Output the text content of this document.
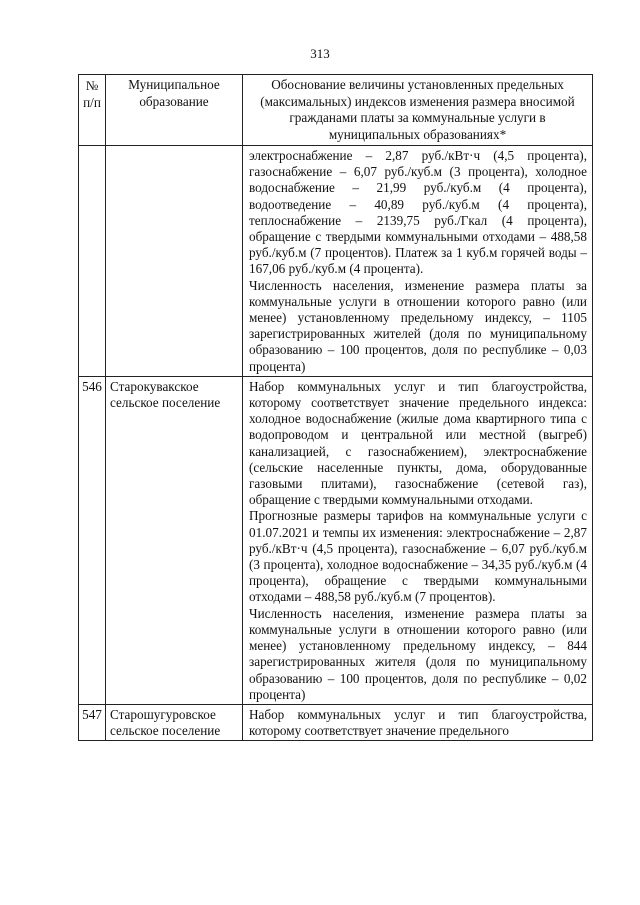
313
№ п/п	Муниципальное образование	Обоснование величины установленных предельных (максимальных) индексов изменения размера вносимой гражданами платы за коммунальные услуги в муниципальных образованиях*

		электроснабжение – 2,87 руб./кВт·ч (4,5 процента), газоснабжение – 6,07 руб./куб.м (3 процента), холодное водоснабжение – 21,99 руб./куб.м (4 процента), водоотведение – 40,89 руб./куб.м (4 процента), теплоснабжение – 2139,75 руб./Гкал (4 процента), обращение с твердыми коммунальными отходами – 488,58 руб./куб.м (7 процентов). Платеж за 1 куб.м горячей воды – 167,06 руб./куб.м (4 процента).

Численность населения, изменение размера платы за коммунальные услуги в отношении которого равно (или менее) установленному предельному индексу, – 1105 зарегистрированных жителей (доля по муниципальному образованию – 100 процентов, доля по республике – 0,03 процента)

546	Старокувакское сельское поселение	Набор коммунальных услуг и тип благоустройства, которому соответствует значение предельного индекса: холодное водоснабжение (жилые дома квартирного типа с водопроводом и центральной или местной (выгреб) канализацией, с газоснабжением), электроснабжение (сельские населенные пункты, дома, оборудованные газовыми плитами), газоснабжение (сетевой газ), обращение с твердыми коммунальными отходами.

Прогнозные размеры тарифов на коммунальные услуги с 01.07.2021 и темпы их изменения: электроснабжение – 2,87 руб./кВт·ч (4,5 процента), газоснабжение – 6,07 руб./куб.м (3 процента), холодное водоснабжение – 34,35 руб./куб.м (4 процента), обращение с твердыми коммунальными отходами – 488,58 руб./куб.м (7 процентов).

Численность населения, изменение размера платы за коммунальные услуги в отношении которого равно (или менее) установленному предельному индексу, – 844 зарегистрированных жителя (доля по муниципальному образованию – 100 процентов, доля по республике – 0,02 процента)

547	Старошугуровское сельское поселение	Набор коммунальных услуг и тип благоустройства, которому соответствует значение предельного
